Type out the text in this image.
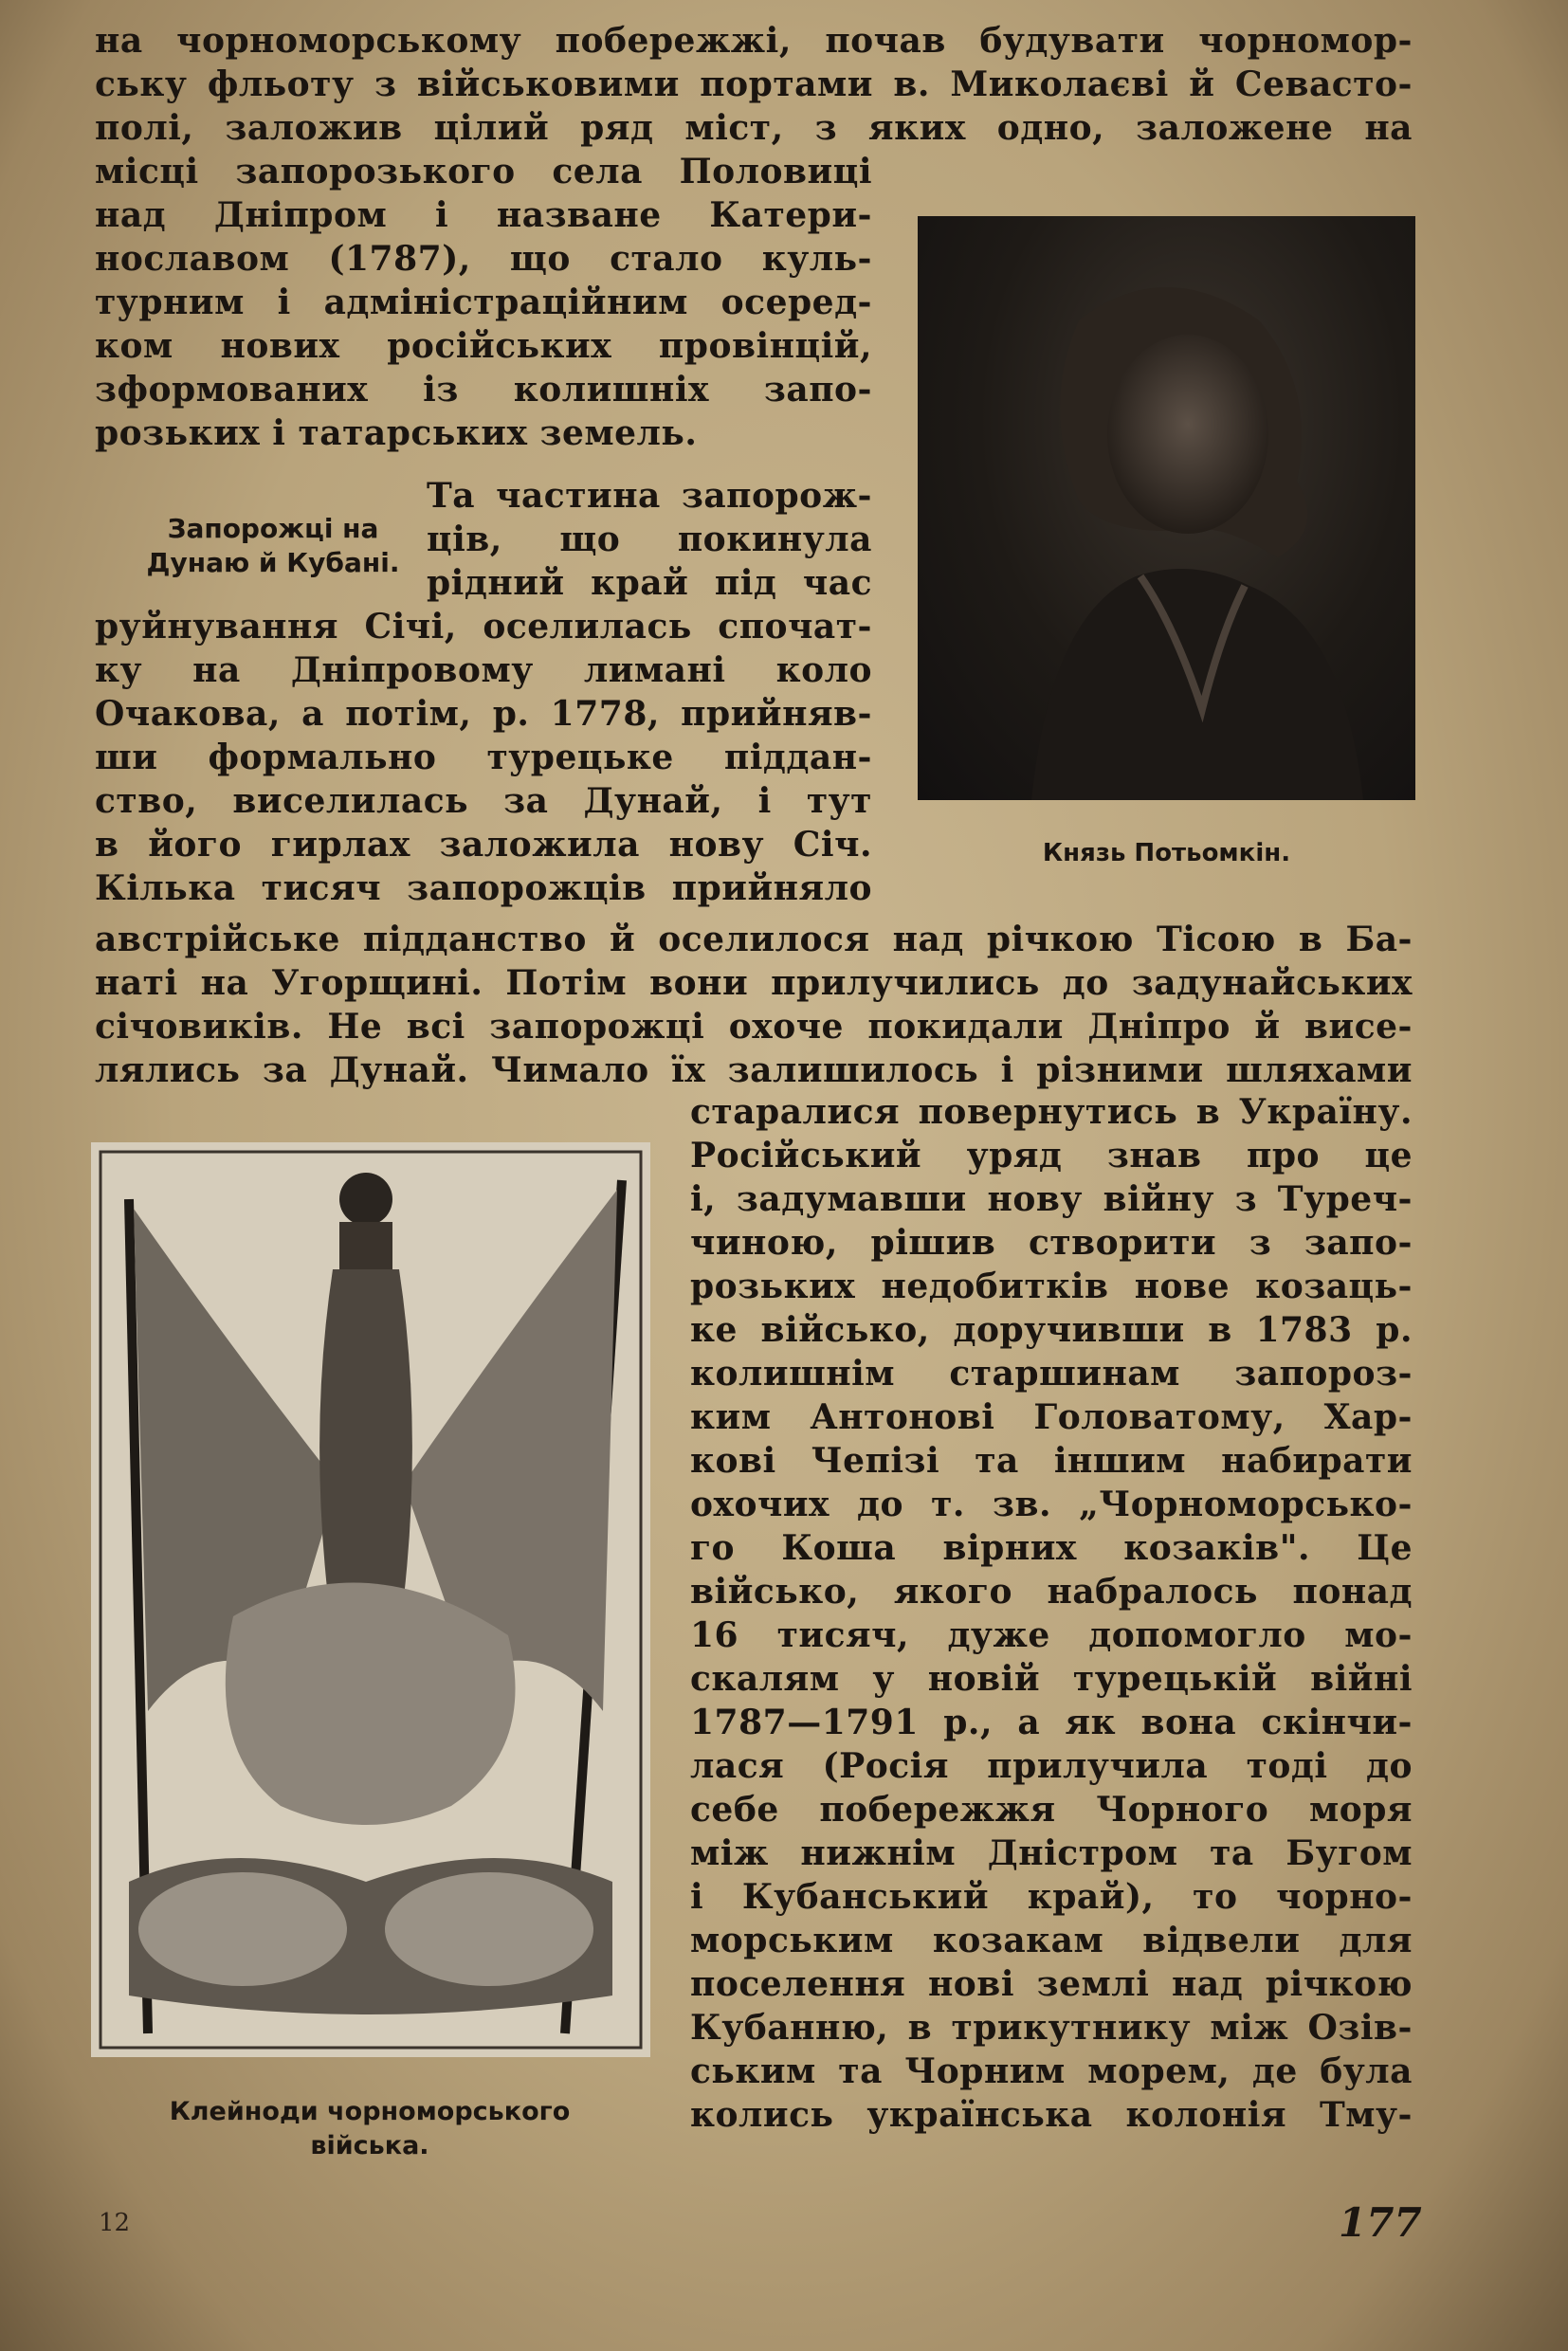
на чорноморському побережжі, почав будувати чорномор-
ську фльоту з військовими портами в. Миколаєві й Севасто-
полі, заложив цілий ряд міст, з яких одно, заложене на
місці запорозького села Половиці
над Дніпром і назване Катери-
нославом (1787), що стало куль-
турним і адміністраційним осеред-
ком нових російських провінцій,
зформованих із колишніх запо-
розьких і татарських земель.
Запорожці на Дунаю й Кубані.
Та частина запорож-
ців, що покинула
рідний край під час
руйнування Січі, оселилась спочат-
ку на Дніпровому лимані коло
Очакова, а потім, р. 1778, прийняв-
ши формально турецьке піддан-
ство, виселилась за Дунай, і тут
в його гирлах заложила нову Січ.
Кілька тисяч запорожців прийняло
Князь Потьомкін.
австрійське підданство й оселилося над річкою Тісою в Ба-
наті на Угорщині. Потім вони прилучились до задунайських
січовиків. Не всі запорожці охоче покидали Дніпро й висе-
лялись за Дунай. Чимало їх залишилось і різними шляхами
Клейноди чорноморського
війська.
старалися повернутись в Україну.
Російський уряд знав про це
і, задумавши нову війну з Туреч-
чиною, рішив створити з запо-
розьких недобитків нове козаць-
ке військо, доручивши в 1783 р.
колишнім старшинам запороз-
ким Антонові Головатому, Хар-
кові Чепізі та іншим набирати
охочих до т. зв. „Чорноморсько-
го Коша вірних козаків". Це
військо, якого набралось понад
16 тисяч, дуже допомогло мо-
скалям у новій турецькій війні
1787—1791 р., а як вона скінчи-
лася (Росія прилучила тоді до
себе побережжя Чорного моря
між нижнім Дністром та Бугом
і Кубанський край), то чорно-
морським козакам відвели для
поселення нові землі над річкою
Кубанню, в трикутнику між Озів-
ським та Чорним морем, де була
колись українська колонія Тму-
12	177
